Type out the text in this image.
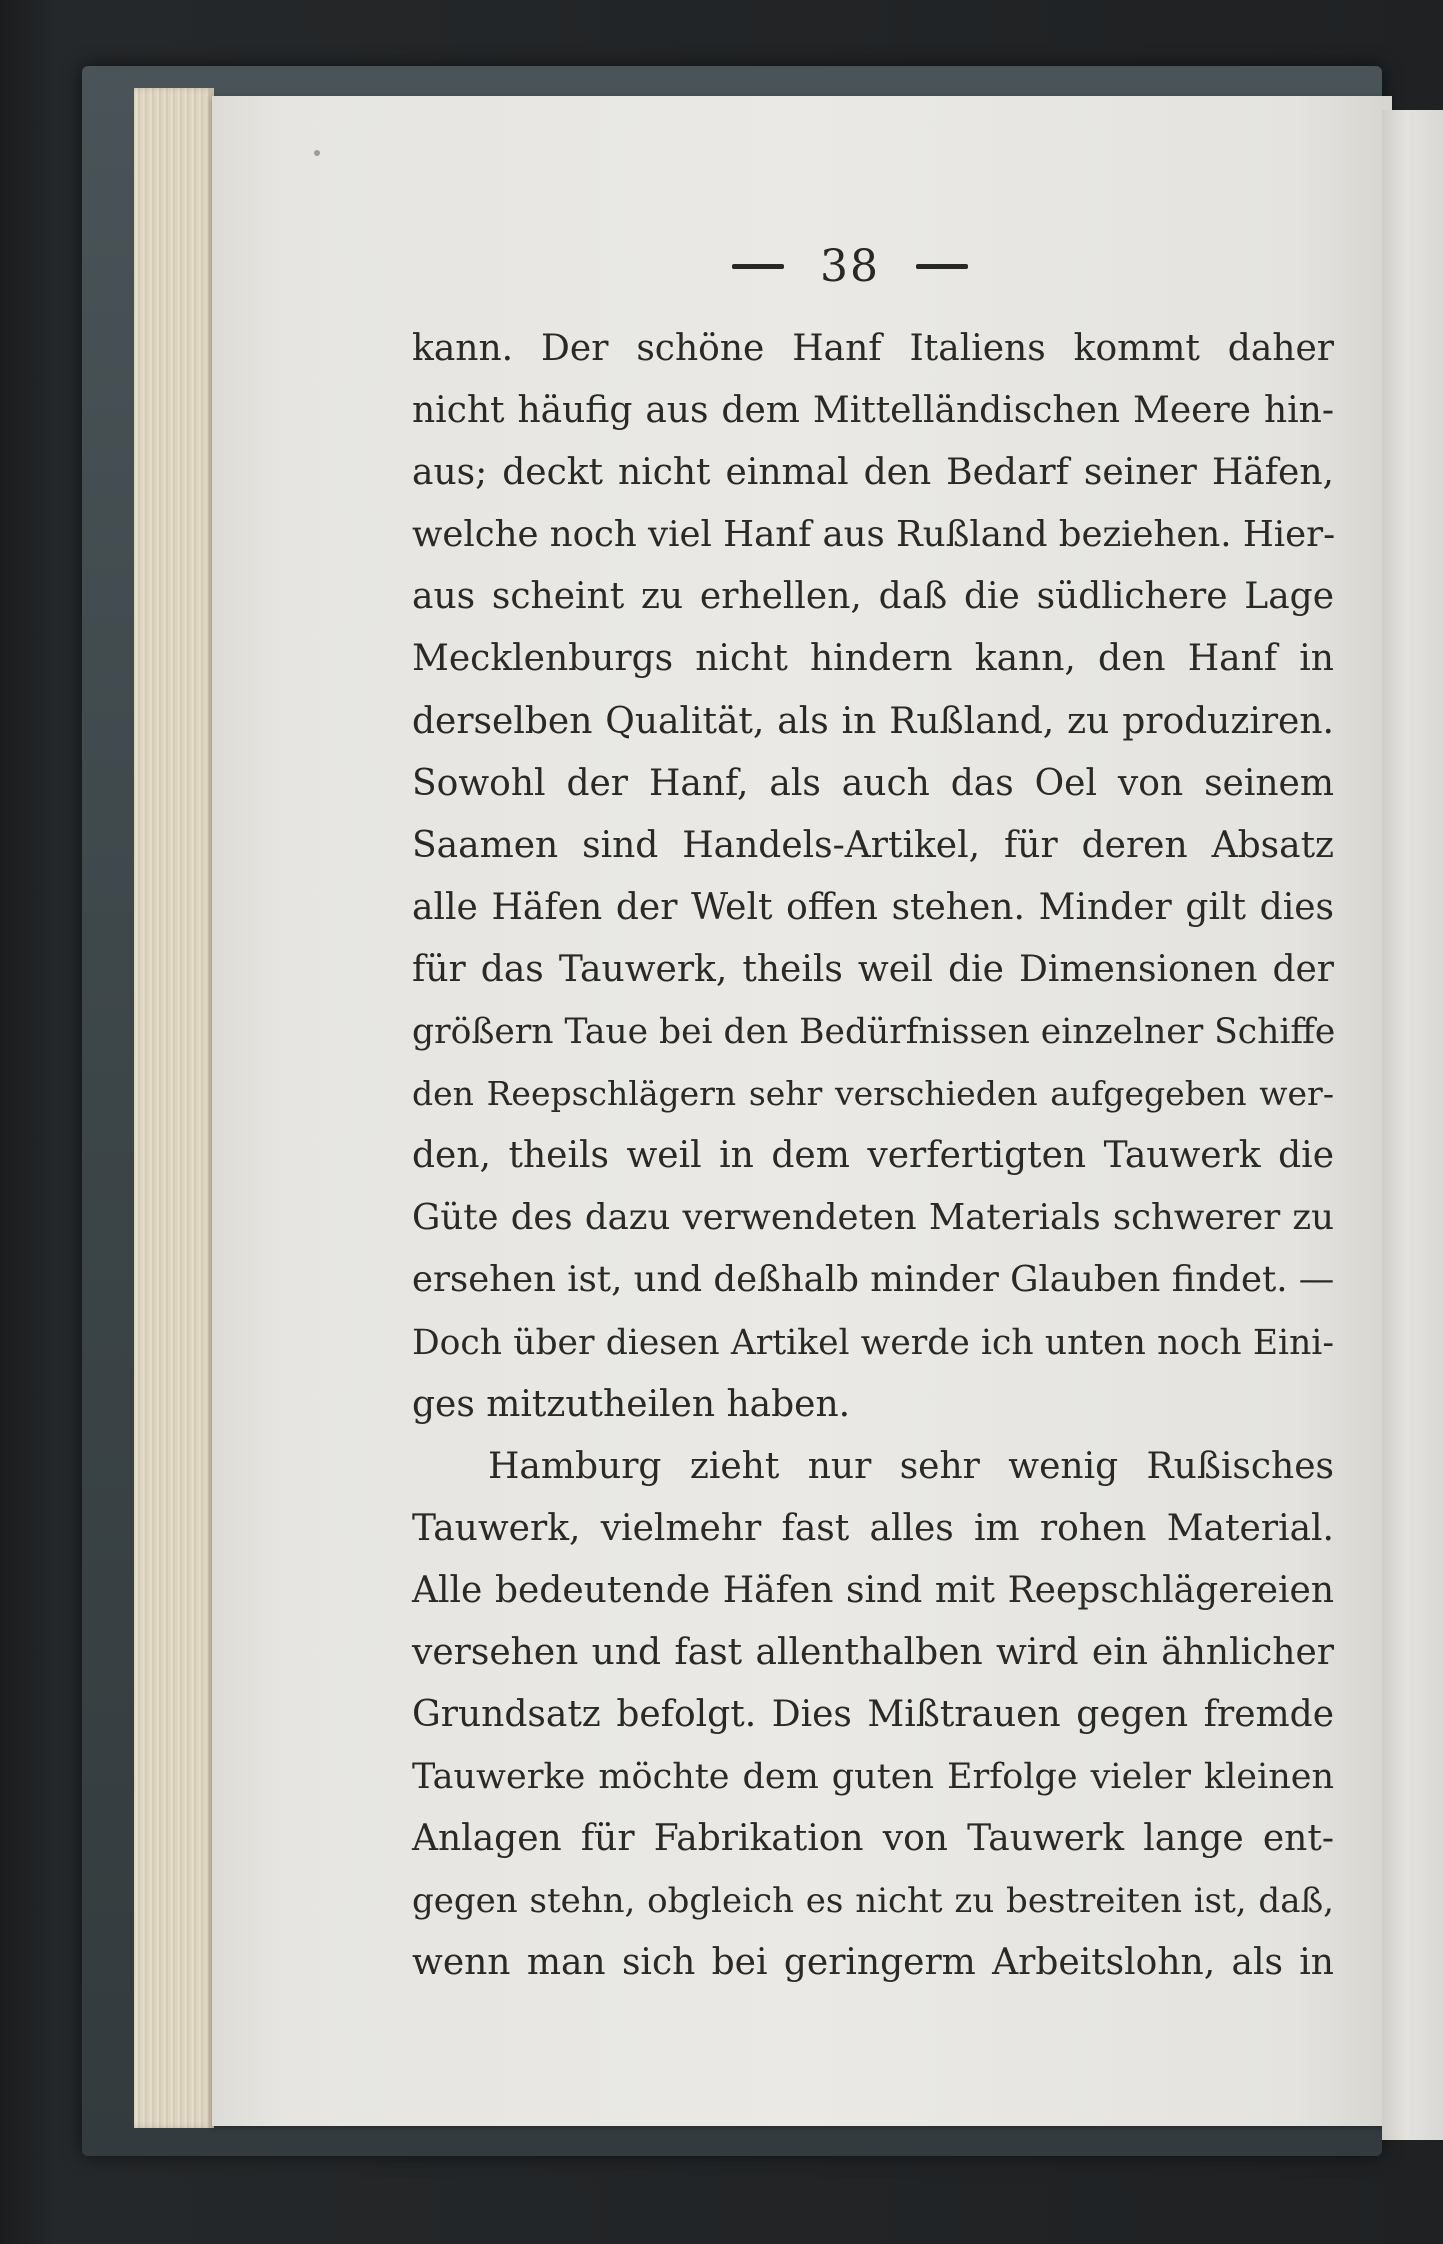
38
kann. Der schöne Hanf Italiens kommt daher
nicht häufig aus dem Mittelländischen Meere hin-
aus; deckt nicht einmal den Bedarf seiner Häfen,
welche noch viel Hanf aus Rußland beziehen. Hier-
aus scheint zu erhellen, daß die südlichere Lage
Mecklenburgs nicht hindern kann, den Hanf in
derselben Qualität, als in Rußland, zu produziren.
Sowohl der Hanf, als auch das Oel von seinem
Saamen sind Handels-Artikel, für deren Absatz
alle Häfen der Welt offen stehen. Minder gilt dies
für das Tauwerk, theils weil die Dimensionen der
größern Taue bei den Bedürfnissen einzelner Schiffe
den Reepschlägern sehr verschieden aufgegeben wer-
den, theils weil in dem verfertigten Tauwerk die
Güte des dazu verwendeten Materials schwerer zu
ersehen ist, und deßhalb minder Glauben findet. —
Doch über diesen Artikel werde ich unten noch Eini-
ges mitzutheilen haben.
Hamburg zieht nur sehr wenig Rußisches
Tauwerk, vielmehr fast alles im rohen Material.
Alle bedeutende Häfen sind mit Reepschlägereien
versehen und fast allenthalben wird ein ähnlicher
Grundsatz befolgt. Dies Mißtrauen gegen fremde
Tauwerke möchte dem guten Erfolge vieler kleinen
Anlagen für Fabrikation von Tauwerk lange ent-
gegen stehn, obgleich es nicht zu bestreiten ist, daß,
wenn man sich bei geringerm Arbeitslohn, als in
